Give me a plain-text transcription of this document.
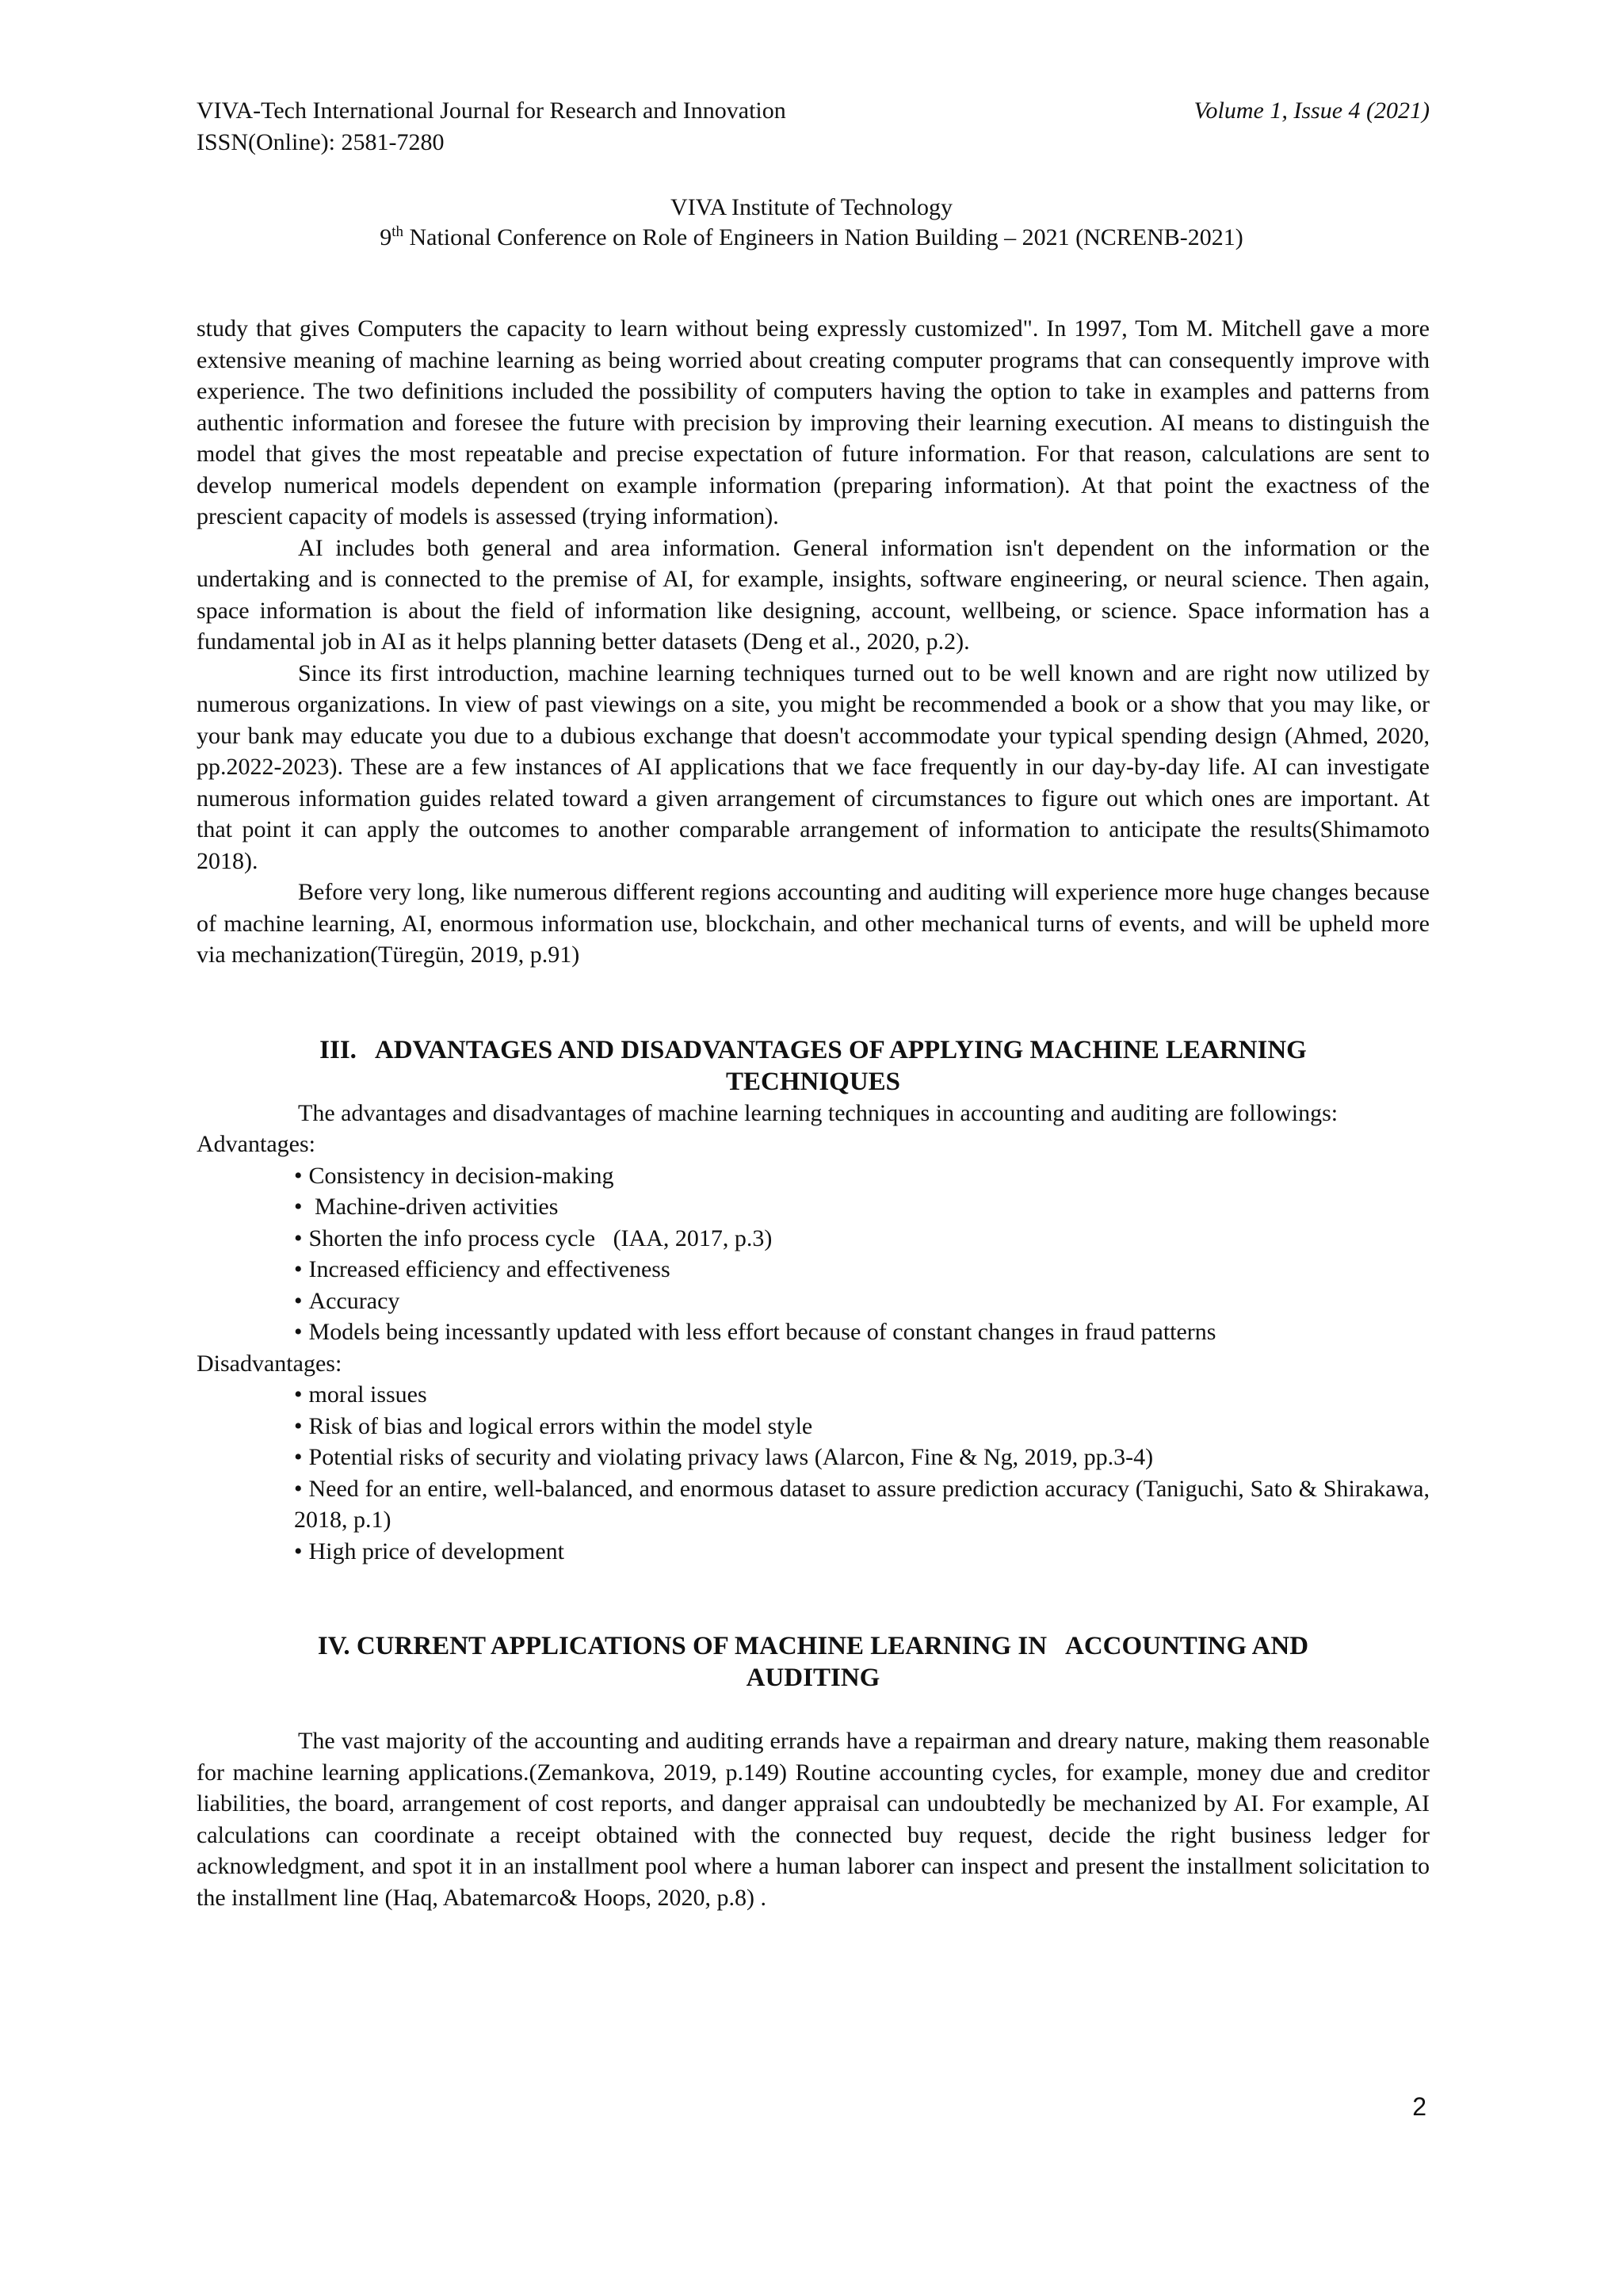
VIVA-Tech International Journal for Research and Innovation
ISSN(Online): 2581-7280
Volume 1, Issue 4 (2021)
VIVA Institute of Technology
9th National Conference on Role of Engineers in Nation Building – 2021 (NCRENB-2021)

study that gives Computers the capacity to learn without being expressly customized". In 1997, Tom M. Mitchell gave a more extensive meaning of machine learning as being worried about creating computer programs that can consequently improve with experience. The two definitions included the possibility of computers having the option to take in examples and patterns from authentic information and foresee the future with precision by improving their learning execution. AI means to distinguish the model that gives the most repeatable and precise expectation of future information. For that reason, calculations are sent to develop numerical models dependent on example information (preparing information). At that point the exactness of the prescient capacity of models is assessed (trying information).

AI includes both general and area information. General information isn't dependent on the information or the undertaking and is connected to the premise of AI, for example, insights, software engineering, or neural science. Then again, space information is about the field of information like designing, account, wellbeing, or science. Space information has a fundamental job in AI as it helps planning better datasets (Deng et al., 2020, p.2).

Since its first introduction, machine learning techniques turned out to be well known and are right now utilized by numerous organizations. In view of past viewings on a site, you might be recommended a book or a show that you may like, or your bank may educate you due to a dubious exchange that doesn't accommodate your typical spending design (Ahmed, 2020, pp.2022-2023). These are a few instances of AI applications that we face frequently in our day-by-day life. AI can investigate numerous information guides related toward a given arrangement of circumstances to figure out which ones are important. At that point it can apply the outcomes to another comparable arrangement of information to anticipate the results(Shimamoto 2018).

Before very long, like numerous different regions accounting and auditing will experience more huge changes because of machine learning, AI, enormous information use, blockchain, and other mechanical turns of events, and will be upheld more via mechanization(Türegün, 2019, p.91)

III.   ADVANTAGES AND DISADVANTAGES OF APPLYING MACHINE LEARNING
TECHNIQUES

The advantages and disadvantages of machine learning techniques in accounting and auditing are followings:

Advantages:

• Consistency in decision-making
•  Machine-driven activities
• Shorten the info process cycle   (IAA, 2017, p.3)
• Increased efficiency and effectiveness
• Accuracy
• Models being incessantly updated with less effort because of constant changes in fraud patterns

Disadvantages:

• moral issues
• Risk of bias and logical errors within the model style
• Potential risks of security and violating privacy laws (Alarcon, Fine & Ng, 2019, pp.3-4)
• Need for an entire, well-balanced, and enormous dataset to assure prediction accuracy (Taniguchi, Sato & Shirakawa, 2018, p.1)
• High price of development
IV. CURRENT APPLICATIONS OF MACHINE LEARNING IN   ACCOUNTING AND
AUDITING

The vast majority of the accounting and auditing errands have a repairman and dreary nature, making them reasonable for machine learning applications.(Zemankova, 2019, p.149) Routine accounting cycles, for example, money due and creditor liabilities, the board, arrangement of cost reports, and danger appraisal can undoubtedly be mechanized by AI. For example, AI calculations can coordinate a receipt obtained with the connected buy request, decide the right business ledger for acknowledgment, and spot it in an installment pool where a human laborer can inspect and present the installment solicitation to the installment line (Haq, Abatemarco& Hoops, 2020, p.8) .

2
